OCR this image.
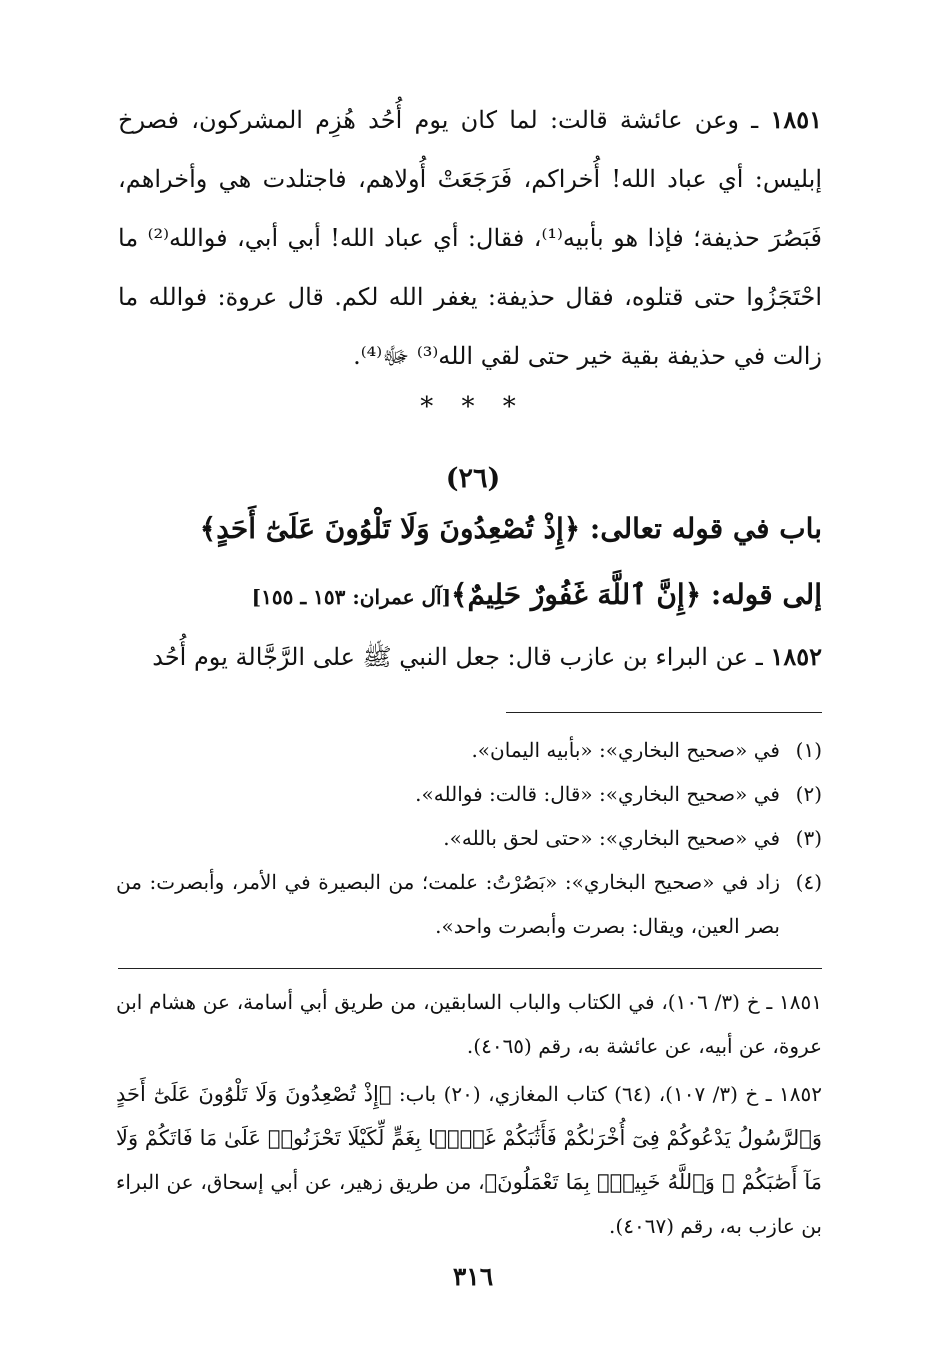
١٨٥١ ـ وعن عائشة قالت: لما كان يوم أُحُد هُزِم المشركون، فصرخ إبليس: أي عباد الله! أُخراكم، فَرَجَعَتْ أُولاهم، فاجتلدت هي وأخراهم، فَبَصُرَ حذيفة؛ فإذا هو بأبيه⁽¹⁾، فقال: أي عباد الله! أبي أبي، فوالله⁽²⁾ ما احْتَجَزُوا حتى قتلوه، فقال حذيفة: يغفر الله لكم. قال عروة: فوالله ما زالت في حذيفة بقية خير حتى لقي الله⁽³⁾ ﷻ⁽⁴⁾.

* * *
(٢٦)
باب في قوله تعالى: ﴿إِذْ تُصْعِدُونَ وَلَا تَلْوُونَ عَلَىٰٓ أَحَدٍ﴾
إلى قوله: ﴿إِنَّ ٱللَّهَ غَفُورٌ حَلِيمٌ﴾[آل عمران: ١٥٣ ـ ١٥٥]

١٨٥٢ ـ عن البراء بن عازب قال: جعل النبي ﷺ على الرَّجَّالة يوم أُحُد

(١)
في «صحيح البخاري»: «بأبيه اليمان».
(٢)
في «صحيح البخاري»: «قال: قالت: فوالله».
(٣)
في «صحيح البخاري»: «حتى لحق بالله».
(٤)
زاد في «صحيح البخاري»: «بَصُرْتُ: علمت؛ من البصيرة في الأمر، وأبصرت: من بصر العين، ويقال: بصرت وأبصرت واحد».
١٨٥١ ـ خ (٣/ ١٠٦)، في الكتاب والباب السابقين، من طريق أبي أسامة، عن هشام ابن عروة، عن أبيه، عن عائشة به، رقم (٤٠٦٥).
١٨٥٢ ـ خ (٣/ ١٠٧)، (٦٤) كتاب المغازي، (٢٠) باب: ﴿إِذْ تُصْعِدُونَ وَلَا تَلْوُونَ عَلَىٰٓ أَحَدٍ وَٱلرَّسُولُ يَدْعُوكُمْ فِىٓ أُخْرَىٰكُمْ فَأَثَٰبَكُمْ غَمًّۢا بِغَمٍّ لِّكَيْلَا تَحْزَنُوا۟ عَلَىٰ مَا فَاتَكُمْ وَلَا مَآ أَصَٰبَكُمْ ۗ وَٱللَّهُ خَبِيرٌۢ بِمَا تَعْمَلُونَ﴾، من طريق زهير، عن أبي إسحاق، عن البراء بن عازب به، رقم (٤٠٦٧).
٣١٦
